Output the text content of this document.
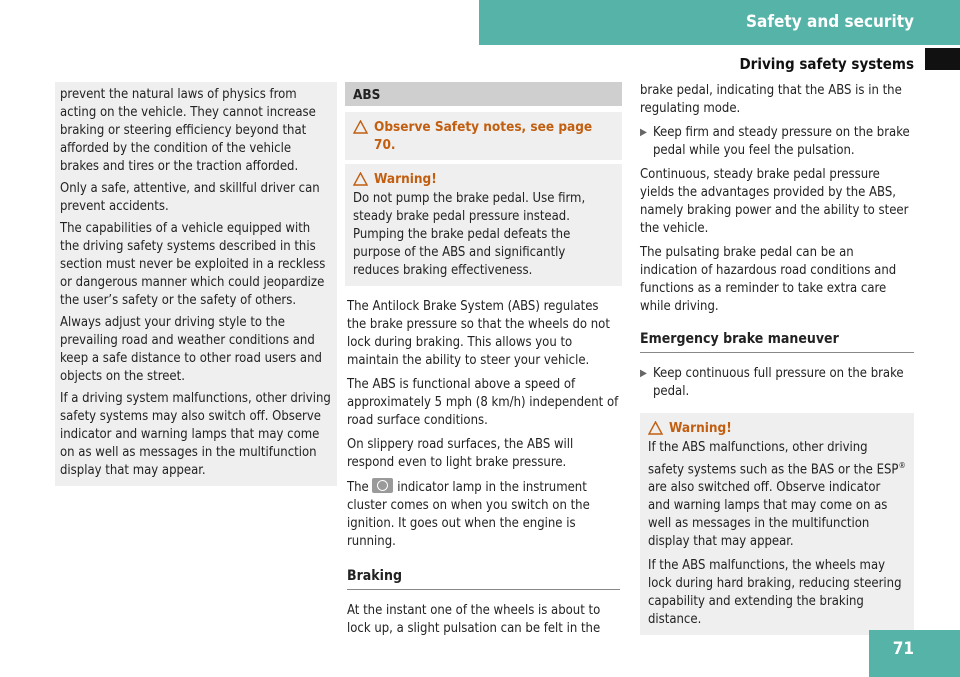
Safety and security
Driving safety systems

prevent the natural laws of physics from acting on the vehicle. They cannot increase braking or steering efficiency beyond that afforded by the condition of the vehicle brakes and tires or the traction afforded.

Only a safe, attentive, and skillful driver can prevent accidents.

The capabilities of a vehicle equipped with the driving safety systems described in this section must never be exploited in a reckless or dangerous manner which could jeopardize the user’s safety or the safety of others.

Always adjust your driving style to the prevailing road and weather conditions and keep a safe distance to other road users and objects on the street.

If a driving system malfunctions, other driving safety systems may also switch off. Observe indicator and warning lamps that may come on as well as messages in the multifunction display that may appear.

ABS
Observe Safety notes, see page 70.
Warning!
Do not pump the brake pedal. Use firm, steady brake pedal pressure instead. Pumping the brake pedal defeats the purpose of the ABS and significantly reduces braking effectiveness.

The Antilock Brake System (ABS) regulates the brake pressure so that the wheels do not lock during braking. This allows you to maintain the ability to steer your vehicle.

The ABS is functional above a speed of approximately 5 mph (8 km/h) independent of road surface conditions.

On slippery road surfaces, the ABS will respond even to light brake pressure.

The indicator lamp in the instrument cluster comes on when you switch on the ignition. It goes out when the engine is running.

Braking

At the instant one of the wheels is about to lock up, a slight pulsation can be felt in the

brake pedal, indicating that the ABS is in the regulating mode.

▶ Keep firm and steady pressure on the brake pedal while you feel the pulsation.

Continuous, steady brake pedal pressure yields the advantages provided by the ABS, namely braking power and the ability to steer the vehicle.

The pulsating brake pedal can be an indication of hazardous road conditions and functions as a reminder to take extra care while driving.

Emergency brake maneuver
▶ Keep continuous full pressure on the brake pedal.
Warning!

If the ABS malfunctions, other driving safety systems such as the BAS or the ESP® are also switched off. Observe indicator and warning lamps that may come on as well as messages in the multifunction display that may appear.

If the ABS malfunctions, the wheels may lock during hard braking, reducing steering capability and extending the braking distance.

71
